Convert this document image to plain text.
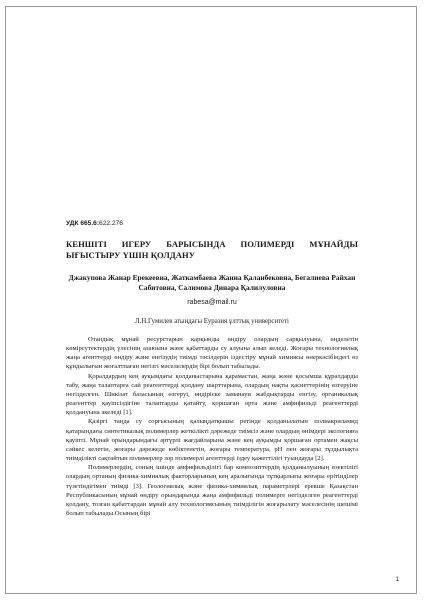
УДК 665.6:622.276

КЕНШІТІ ИГЕРУ БАРЫСЫНДА ПОЛИМЕРДІ МҰНАЙДЫ ЫҒЫСТЫРУ ҮШІН ҚОЛДАНУ

Джакупова Жанар Ерекеевна, Жаткамбаева Жанна Қаланбековна, Бегалиева Райхан Сабитовна, Салимова Динара Қалилуловна

rabesa@mail.ru

Л.Н.Гумилев атындағы Еуразия ұлттық университеті

Отандық мұнай ресурстарын қарқынды өндіру олардың сарқылуына, өңделетін көмірсутектердің үлесінің азаюына және қабаттарды су алуына алып келеді. Жоғары технологиялық жаңа агенттерді өндіру және енгізудің тиімді тәсілдерін іздестіру мұнай химиясы өнеркәсібіндегі өз құндылығын жоғалтпаған негізгі мәселелердің бірі болып табылады.

Қоралдардың кең ауқымдағы қолданыстарына қарамастан, жаңа және қосымша құралдарды табу, жаңа талаптарға сай реагенттерді қолдану шарттарына, олардың нақты қасиеттерінің өзгеруіне негізделген. Шикізат базасының өзгеруі, өндіріске заманауи жабдықтарды енгізу, органикалық реагенттер қауіпсіздігіне талаптарды қатайту, қоршаған орта және амфифильді реагенттерді қолдануына әкеледі [1].

Қазіргі таңда су сорғысының қалыңдатқышы ретінде қолданылатын полиакриламид қатарындағы синтетикалық полимерлер жеткілікті дәрежеде тиімсіз және олардың өнімдері экологияға қауіпті. Мұнай орындарындағы әртүрлі жағдайларына және кең ауқымды қоршаған ортамен жақсы сәйкес келетін, жоғары дәрежеде көбіктенетін, жоғары температура, рН пен жоғары тұздылықта тиімділікті сақтайтын полимерлер зор полимерлі агенттерді іздеу қажеттілігі туындауда [2].

Полимерлердің, соның ішінде амфифильділігі бар композиттердің қолданылуының өзектілігі олардың ортаның физика-химиялық факторларының кең аралығында тұтқырлығы жоғары ерітінділер түзетіндігімен тиімді [3]. Геологиялық және физика-химиялық параметрлері ерекше Қазақстан Республикасының мұнай өндіру орындарында жаңа амфифильді полимерге негізделген реагенттерді қолдану, тозған қабаттардан мұнай алу технологиясының тиімділігін жоғарылату мәселесінің шешімі болып табылады.Осының бірі

1
